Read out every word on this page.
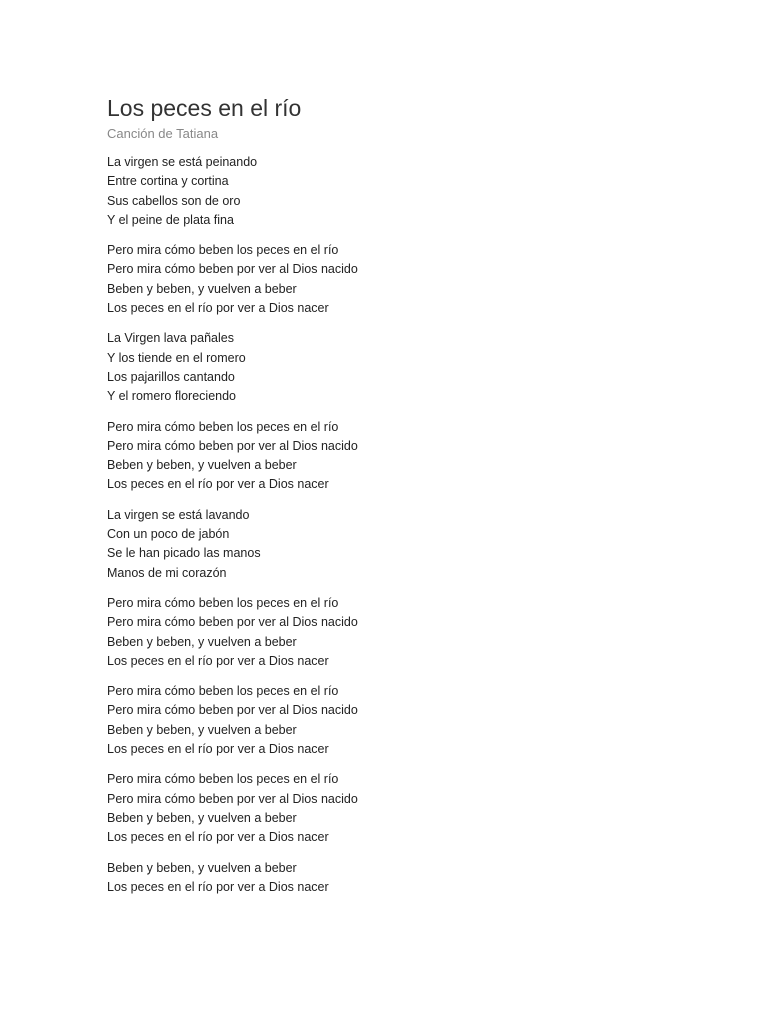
Los peces en el río
Canción de Tatiana
La virgen se está peinando
Entre cortina y cortina
Sus cabellos son de oro
Y el peine de plata fina
Pero mira cómo beben los peces en el río
Pero mira cómo beben por ver al Dios nacido
Beben y beben, y vuelven a beber
Los peces en el río por ver a Dios nacer
La Virgen lava pañales
Y los tiende en el romero
Los pajarillos cantando
Y el romero floreciendo
Pero mira cómo beben los peces en el río
Pero mira cómo beben por ver al Dios nacido
Beben y beben, y vuelven a beber
Los peces en el río por ver a Dios nacer
La virgen se está lavando
Con un poco de jabón
Se le han picado las manos
Manos de mi corazón
Pero mira cómo beben los peces en el río
Pero mira cómo beben por ver al Dios nacido
Beben y beben, y vuelven a beber
Los peces en el río por ver a Dios nacer
Pero mira cómo beben los peces en el río
Pero mira cómo beben por ver al Dios nacido
Beben y beben, y vuelven a beber
Los peces en el río por ver a Dios nacer
Pero mira cómo beben los peces en el río
Pero mira cómo beben por ver al Dios nacido
Beben y beben, y vuelven a beber
Los peces en el río por ver a Dios nacer
Beben y beben, y vuelven a beber
Los peces en el río por ver a Dios nacer
